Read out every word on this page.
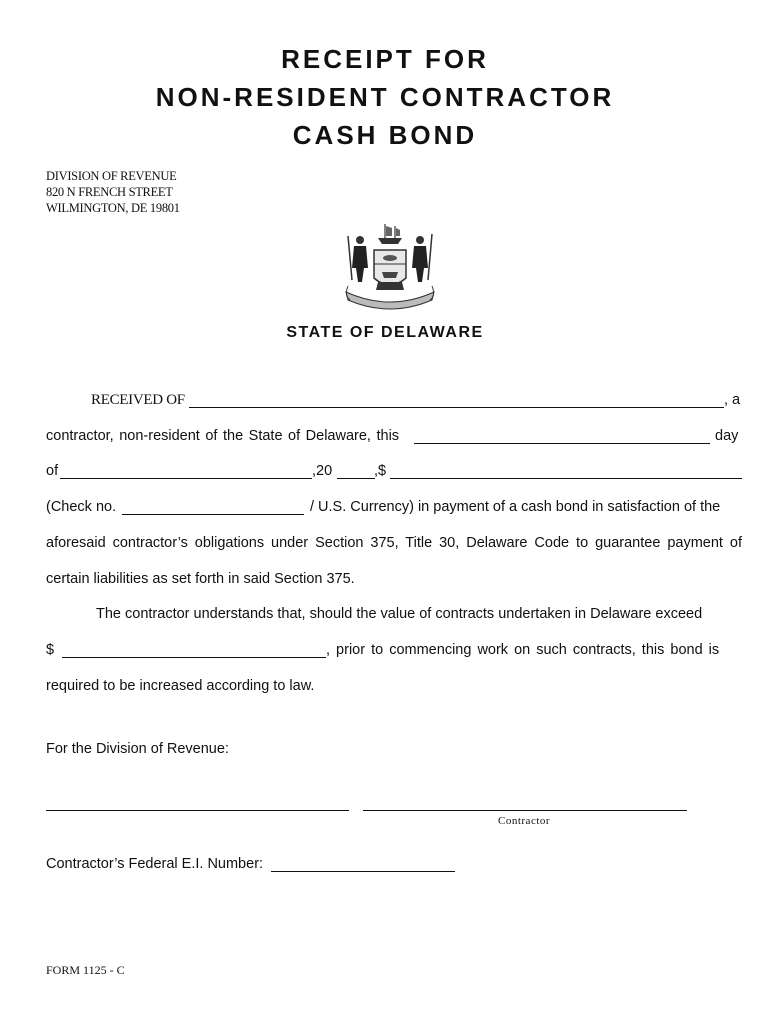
RECEIPT FOR
NON-RESIDENT CONTRACTOR
CASH BOND
DIVISION OF REVENUE
820 N FRENCH STREET
WILMINGTON, DE 19801
STATE OF DELAWARE
RECEIVED OF	, a
contractor, non-resident of the State of Delaware, this	day
of	,20	,$
(Check no.	/ U.S. Currency) in payment of a cash bond in satisfaction of the
aforesaid contractor’s obligations under Section 375, Title 30, Delaware Code to guarantee payment of
certain liabilities as set forth in said Section 375.
The contractor understands that, should the value of contracts undertaken in Delaware exceed
$	, prior to commencing work on such contracts, this bond is
required to be increased according to law.
For the Division of Revenue:
Contractor
Contractor’s Federal E.I. Number:
FORM 1125 - C
